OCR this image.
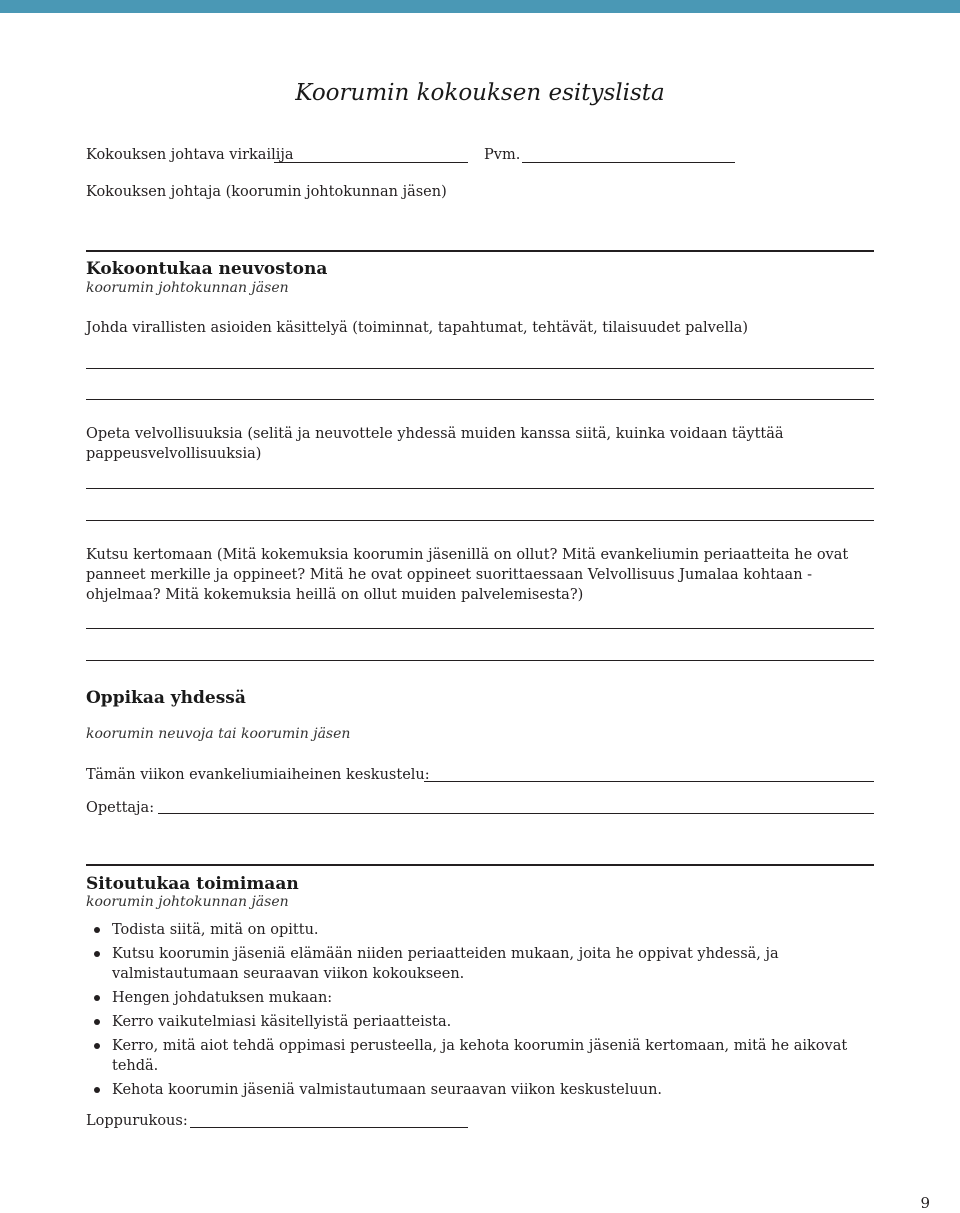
Koorumin kokouksen esityslista
Kokouksen johtava virkailija	Pvm.
Kokouksen johtaja (koorumin johtokunnan jäsen)
Kokoontukaa neuvostona
koorumin johtokunnan jäsen
Johda virallisten asioiden käsittelyä (toiminnat, tapahtumat, tehtävät, tilaisuudet palvella)
Opeta velvollisuuksia (selitä ja neuvottele yhdessä muiden kanssa siitä, kuinka voidaan täyttää pappeusvelvollisuuksia)
Kutsu kertomaan (Mitä kokemuksia koorumin jäsenillä on ollut? Mitä evankeliumin periaatteita he ovat panneet merkille ja oppineet? Mitä he ovat oppineet suorittaessaan Velvollisuus Jumalaa kohtaan -ohjelmaa? Mitä kokemuksia heillä on ollut muiden palvelemisesta?)
Oppikaa yhdessä
koorumin neuvoja tai koorumin jäsen
Tämän viikon evankeliumiaiheinen keskustelu:
Opettaja:
Sitoutukaa toimimaan
koorumin johtokunnan jäsen
Todista siitä, mitä on opittu.
Kutsu koorumin jäseniä elämään niiden periaatteiden mukaan, joita he oppivat yhdessä, ja valmistautumaan seuraavan viikon kokoukseen.
Hengen johdatuksen mukaan:
Kerro vaikutelmiasi käsitellyistä periaatteista.
Kerro, mitä aiot tehdä oppimasi perusteella, ja kehota koorumin jäseniä kertomaan, mitä he aikovat tehdä.
Kehota koorumin jäseniä valmistautumaan seuraavan viikon keskusteluun.
Loppurukous:
9
